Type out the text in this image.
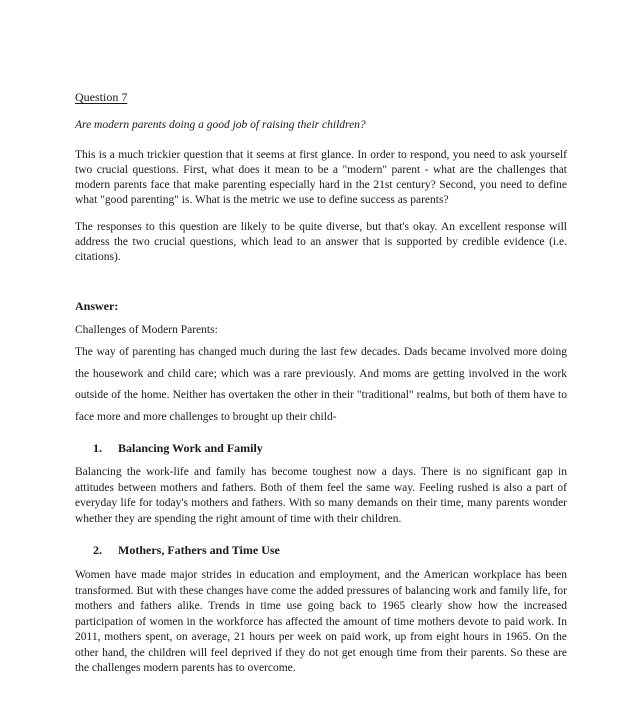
Question 7
Are modern parents doing a good job of raising their children?
This is a much trickier question that it seems at first glance. In order to respond, you need to ask yourself two crucial questions. First, what does it mean to be a "modern" parent - what are the challenges that modern parents face that make parenting especially hard in the 21st century? Second, you need to define what "good parenting" is. What is the metric we use to define success as parents?
The responses to this question are likely to be quite diverse, but that's okay. An excellent response will address the two crucial questions, which lead to an answer that is supported by credible evidence (i.e. citations).
Answer:
Challenges of Modern Parents:
The way of parenting has changed much during the last few decades. Dads became involved more doing the housework and child care; which was a rare previously. And moms are getting involved in the work outside of the home. Neither has overtaken the other in their "traditional" realms, but both of them have to face more and more challenges to brought up their child-
1.	Balancing Work and Family
Balancing the work-life and family has become toughest now a days. There is no significant gap in attitudes between mothers and fathers. Both of them feel the same way. Feeling rushed is also a part of everyday life for today's mothers and fathers. With so many demands on their time, many parents wonder whether they are spending the right amount of time with their children.
2.	Mothers, Fathers and Time Use
Women have made major strides in education and employment, and the American workplace has been transformed. But with these changes have come the added pressures of balancing work and family life, for mothers and fathers alike. Trends in time use going back to 1965 clearly show how the increased participation of women in the workforce has affected the amount of time mothers devote to paid work. In 2011, mothers spent, on average, 21 hours per week on paid work, up from eight hours in 1965. On the other hand, the children will feel deprived if they do not get enough time from their parents. So these are the challenges modern parents has to overcome.
